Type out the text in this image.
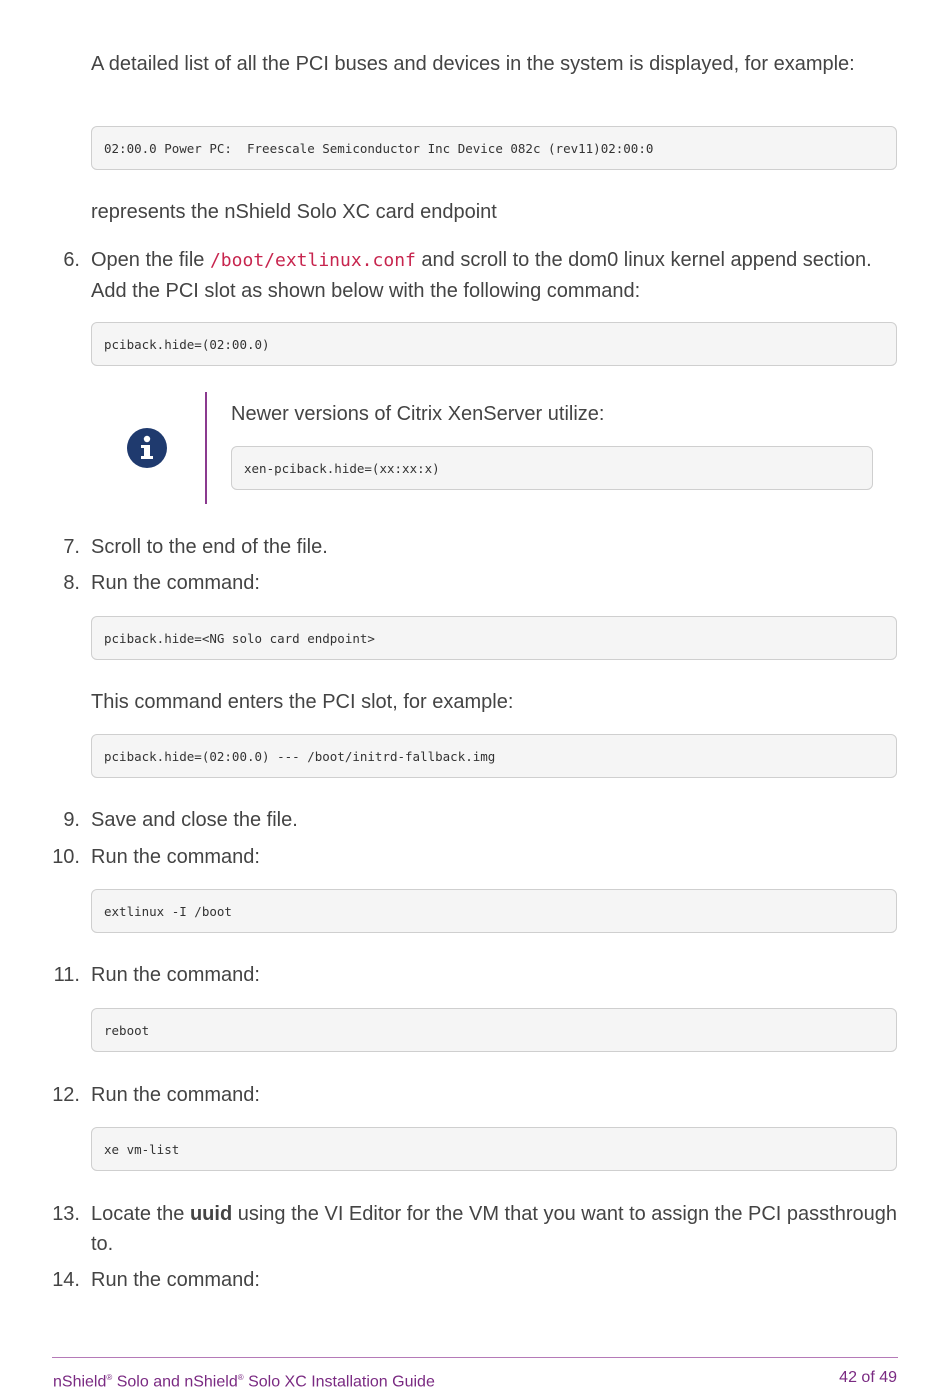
A detailed list of all the PCI buses and devices in the system is displayed, for example:
02:00.0 Power PC:  Freescale Semiconductor Inc Device 082c (rev11)02:00:0
represents the nShield Solo XC card endpoint
6. Open the file /boot/extlinux.conf and scroll to the dom0 linux kernel append section. Add the PCI slot as shown below with the following command:
pciback.hide=(02:00.0)
Newer versions of Citrix XenServer utilize:
xen-pciback.hide=(xx:xx:x)
7. Scroll to the end of the file.
8. Run the command:
pciback.hide=<NG solo card endpoint>
This command enters the PCI slot, for example:
pciback.hide=(02:00.0) --- /boot/initrd-fallback.img
9. Save and close the file.
10. Run the command:
extlinux -I /boot
11. Run the command:
reboot
12. Run the command:
xe vm-list
13. Locate the uuid using the VI Editor for the VM that you want to assign the PCI passthrough to.
14. Run the command:
nShield® Solo and nShield® Solo XC Installation Guide	42 of 49
